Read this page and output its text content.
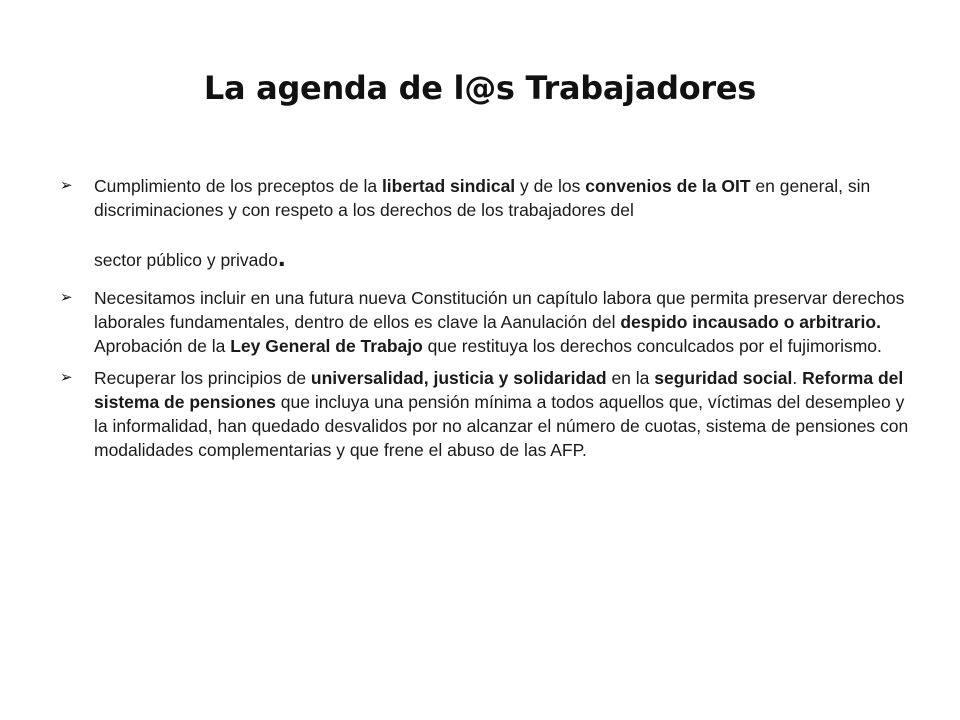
La agenda de l@s Trabajadores
➢	Cumplimiento de los preceptos de la libertad sindical y de los convenios de la OIT en general, sin discriminaciones y con respeto a los derechos de los trabajadores del

sector público y privado.
➢	Necesitamos incluir en una futura nueva Constitución un capítulo labora que permita preservar derechos laborales fundamentales, dentro de ellos es clave la Aanulación del despido incausado o arbitrario. Aprobación de la Ley General de Trabajo que restituya los derechos conculcados por el fujimorismo.
➢	Recuperar los principios de universalidad, justicia y solidaridad en la seguridad social. Reforma del sistema de pensiones que incluya una pensión mínima a todos aquellos que, víctimas del desempleo y la informalidad, han quedado desvalidos por no alcanzar el número de cuotas, sistema de pensiones con modalidades complementarias y que frene el abuso de las AFP.
